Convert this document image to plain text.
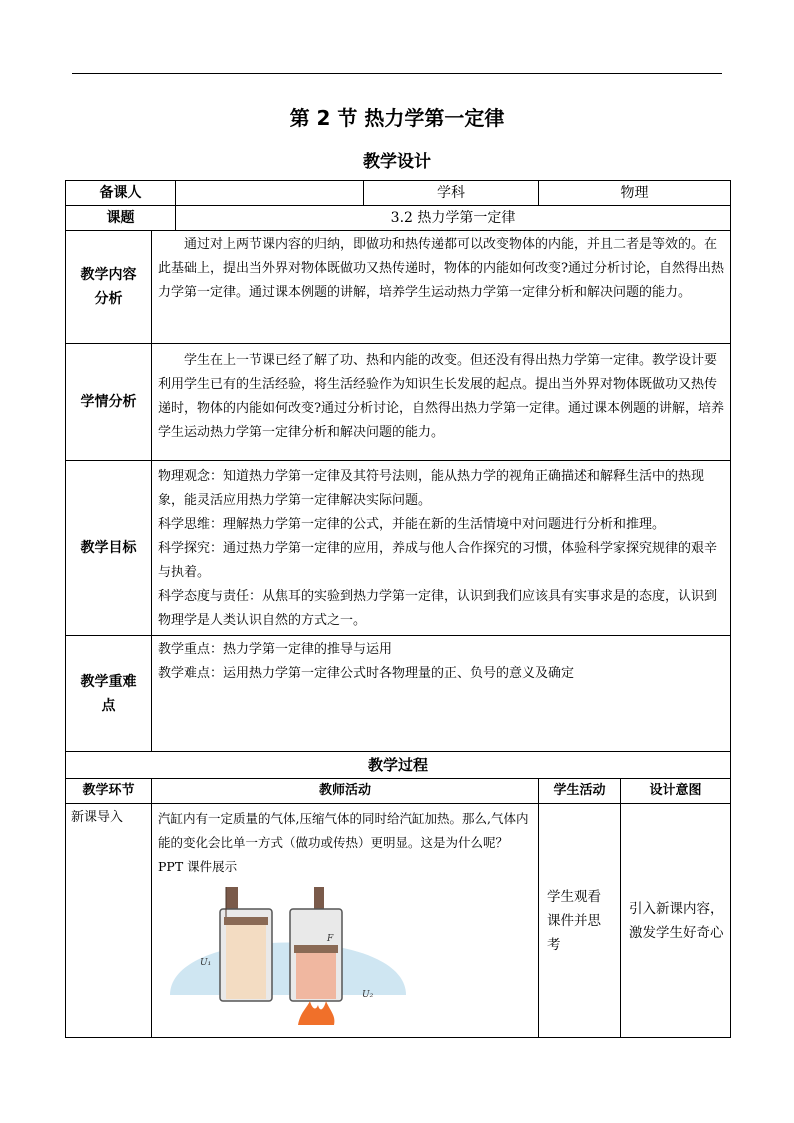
第 2 节 热力学第一定律
教学设计
备课人			学科	物理	
课题		3.2 热力学第一定律			
教学内容分析	通过对上两节课内容的归纳，即做功和热传递都可以改变物体的内能，并且二者是等效的。在此基础上，提出当外界对物体既做功又热传递时，物体的内能如何改变?通过分析讨论，自然得出热力学第一定律。通过课本例题的讲解，培养学生运动热力学第一定律分析和解决问题的能力。				
学情分析	学生在上一节课已经了解了功、热和内能的改变。但还没有得出热力学第一定律。教学设计要利用学生已有的生活经验，将生活经验作为知识生长发展的起点。提出当外界对物体既做功又热传递时，物体的内能如何改变?通过分析讨论，自然得出热力学第一定律。通过课本例题的讲解，培养学生运动热力学第一定律分析和解决问题的能力。				
教学目标	物理观念：知道热力学第一定律及其符号法则，能从热力学的视角正确描述和解释生活中的热现象，能灵活应用热力学第一定律解决实际问题。

科学思维：理解热力学第一定律的公式，并能在新的生活情境中对问题进行分析和推理。

科学探究：通过热力学第一定律的应用，养成与他人合作探究的习惯，体验科学家探究规律的艰辛与执着。

科学态度与责任：从焦耳的实验到热力学第一定律，认识到我们应该具有实事求是的态度，认识到物理学是人类认识自然的方式之一。				

教学重难点	教学重点：热力学第一定律的推导与运用

教学难点：运用热力学第一定律公式时各物理量的正、负号的意义及确定				

教学过程					
教学环节	教师活动			学生活动	设计意图
新课导入	汽缸内有一定质量的气体,压缩气体的同时给汽缸加热。那么,气体内能的变化会比单一方式（做功或传热）更明显。这是为什么呢？PPT 课件展示

U₁
F
U₂			学生观看课件并思考	引入新课内容，激发学生好奇心
